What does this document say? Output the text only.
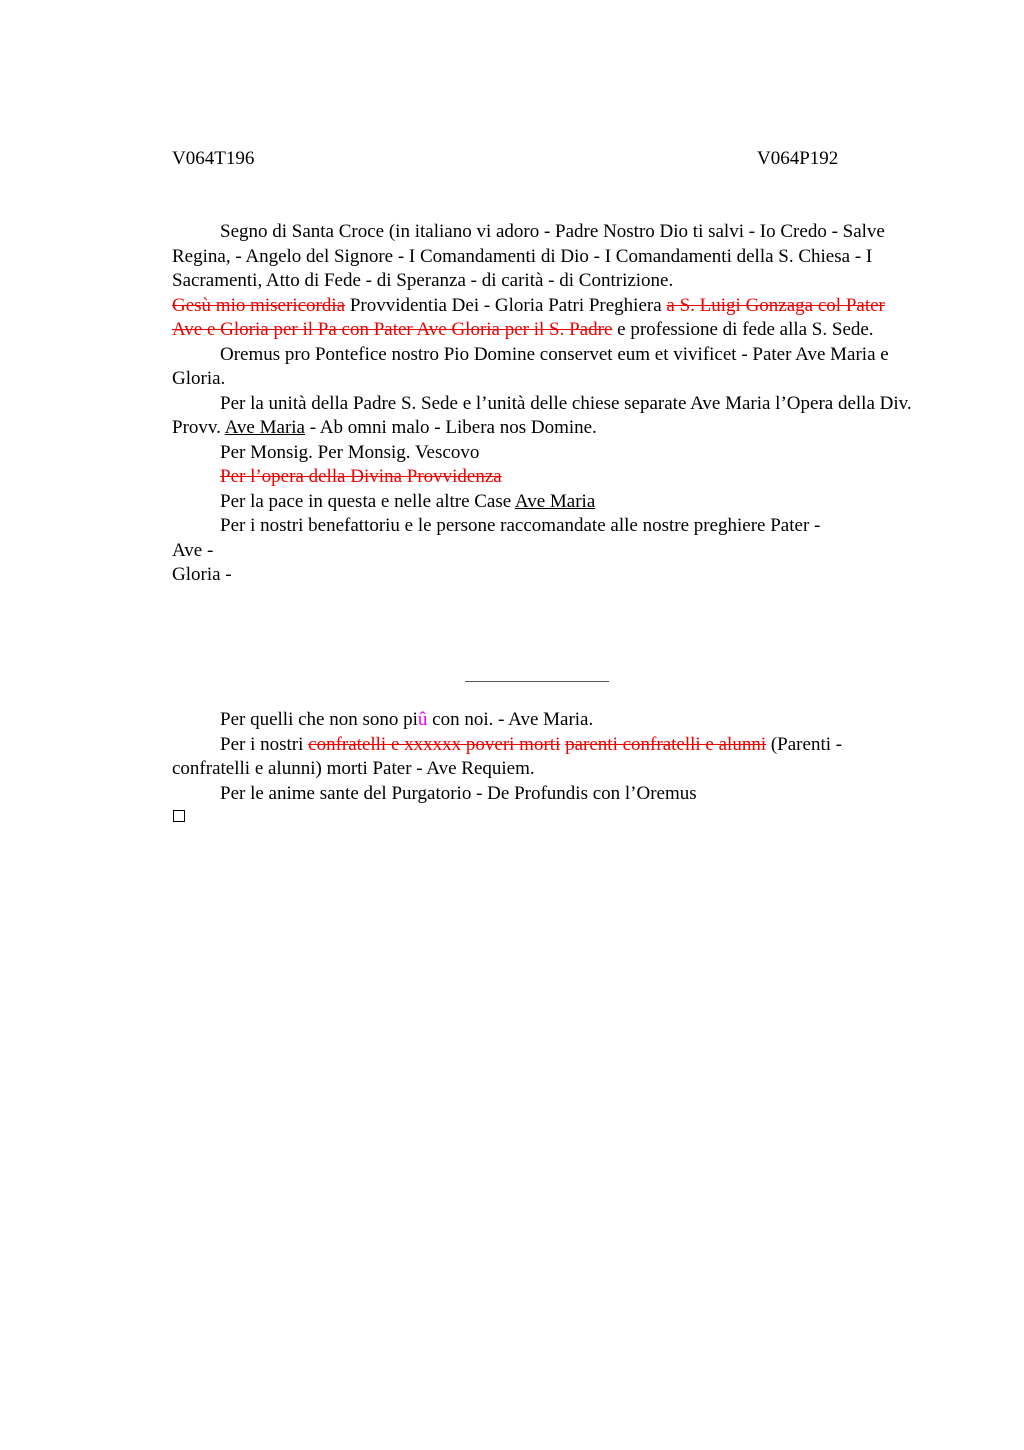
V064T196	V064P192

Segno di Santa Croce (in italiano vi adoro - Padre Nostro Dio ti salvi - Io Credo - Salve Regina, - Angelo del Signore - I Comandamenti di Dio - I Comandamenti della S. Chiesa - I Sacramenti, Atto di Fede - di Speranza - di carità - di Contrizione.
Gesù mio misericordia Provvidentia Dei - Gloria Patri Preghiera a S. Luigi Gonzaga col Pater Ave e Gloria per il Pa con Pater Ave Gloria per il S. Padre e professione di fede alla S. Sede.

Oremus pro Pontefice nostro Pio Domine conservet eum et vivificet - Pater Ave Maria e Gloria.

Per la unità della Padre S. Sede e l’unità delle chiese separate Ave Maria l’Opera della Div. Provv. Ave Maria - Ab omni malo - Libera nos Domine.

Per Monsig. Per Monsig. Vescovo

Per l’opera della Divina Provvidenza

Per la pace in questa e nelle altre Case Ave Maria

Per i nostri benefattoriu e le persone raccomandate alle nostre preghiere Pater -

Ave -

Gloria -

Per quelli che non sono piû con noi. - Ave Maria.

Per i nostri confratelli e xxxxxx poveri morti parenti confratelli e alunni (Parenti - confratelli e alunni) morti Pater - Ave Requiem.

Per le anime sante del Purgatorio - De Profundis con l’Oremus
